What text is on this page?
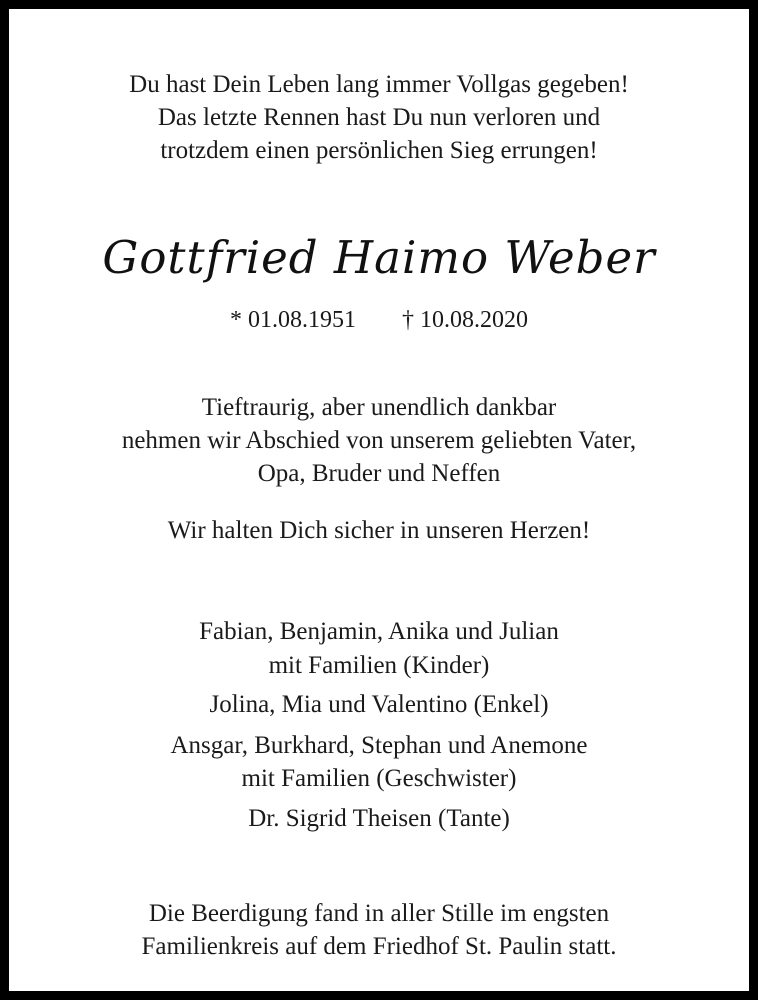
Du hast Dein Leben lang immer Vollgas gegeben!
Das letzte Rennen hast Du nun verloren und
trotzdem einen persönlichen Sieg errungen!
Gottfried Haimo Weber
* 01.08.1951 † 10.08.2020
Tieftraurig, aber unendlich dankbar
nehmen wir Abschied von unserem geliebten Vater,
Opa, Bruder und Neffen
Wir halten Dich sicher in unseren Herzen!
Fabian, Benjamin, Anika und Julian
mit Familien (Kinder)
Jolina, Mia und Valentino (Enkel)
Ansgar, Burkhard, Stephan und Anemone
mit Familien (Geschwister)
Dr. Sigrid Theisen (Tante)
Die Beerdigung fand in aller Stille im engsten
Familienkreis auf dem Friedhof St. Paulin statt.
